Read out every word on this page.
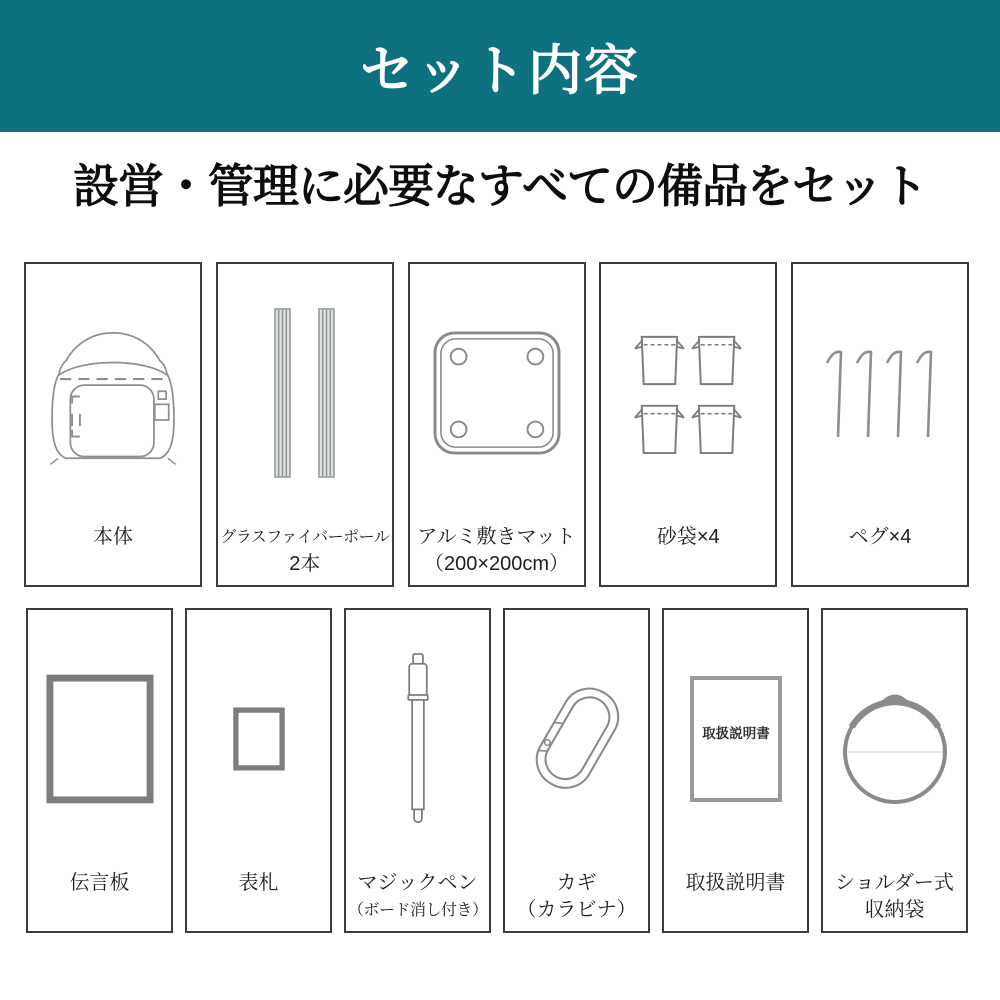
セット内容
設営・管理に必要なすべての備品をセット
本体	グラスファイバーポール
2本
アルミ敷きマット
（200×200cm）
砂袋×4	ペグ×4
伝言板	表札	マジックペン
（ボード消し付き）
カギ
（カラビナ）
取扱説明書
取扱説明書	ショルダー式
収納袋
